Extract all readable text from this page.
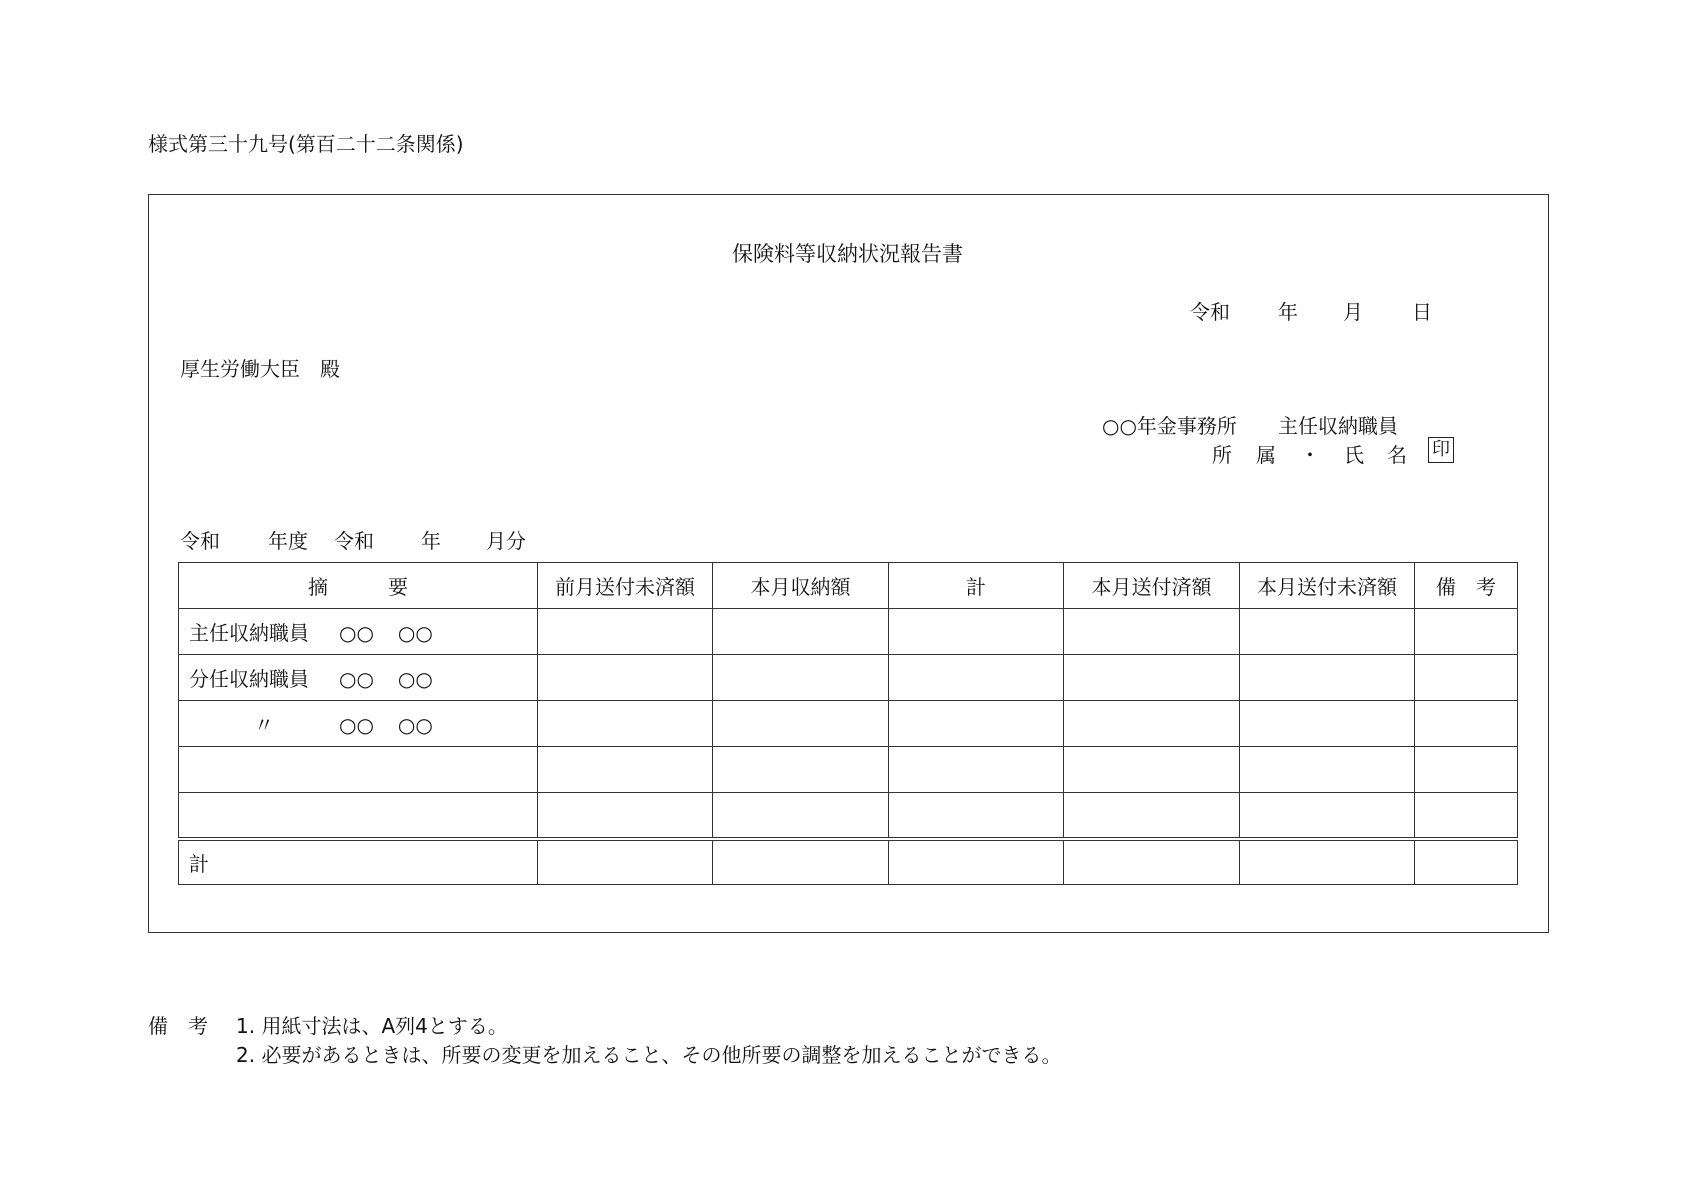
様式第三十九号(第百二十二条関係)
保険料等収納状況報告書
令和 年 月 日
厚生労働大臣　殿
○○年金事務所 主任収納職員
所 属 ・ 氏 名 印
令和 年度 令和 年 月分
摘　　　要	前月送付未済額	本月収納額	計	本月送付済額	本月送付未済額	備　考
主任収納職員 ○○ ○○						
分任収納職員 ○○ ○○						
〃 ○○ ○○						

計						
備　考 1. 用紙寸法は、A列4とする。
2. 必要があるときは、所要の変更を加えること、その他所要の調整を加えることができる。
